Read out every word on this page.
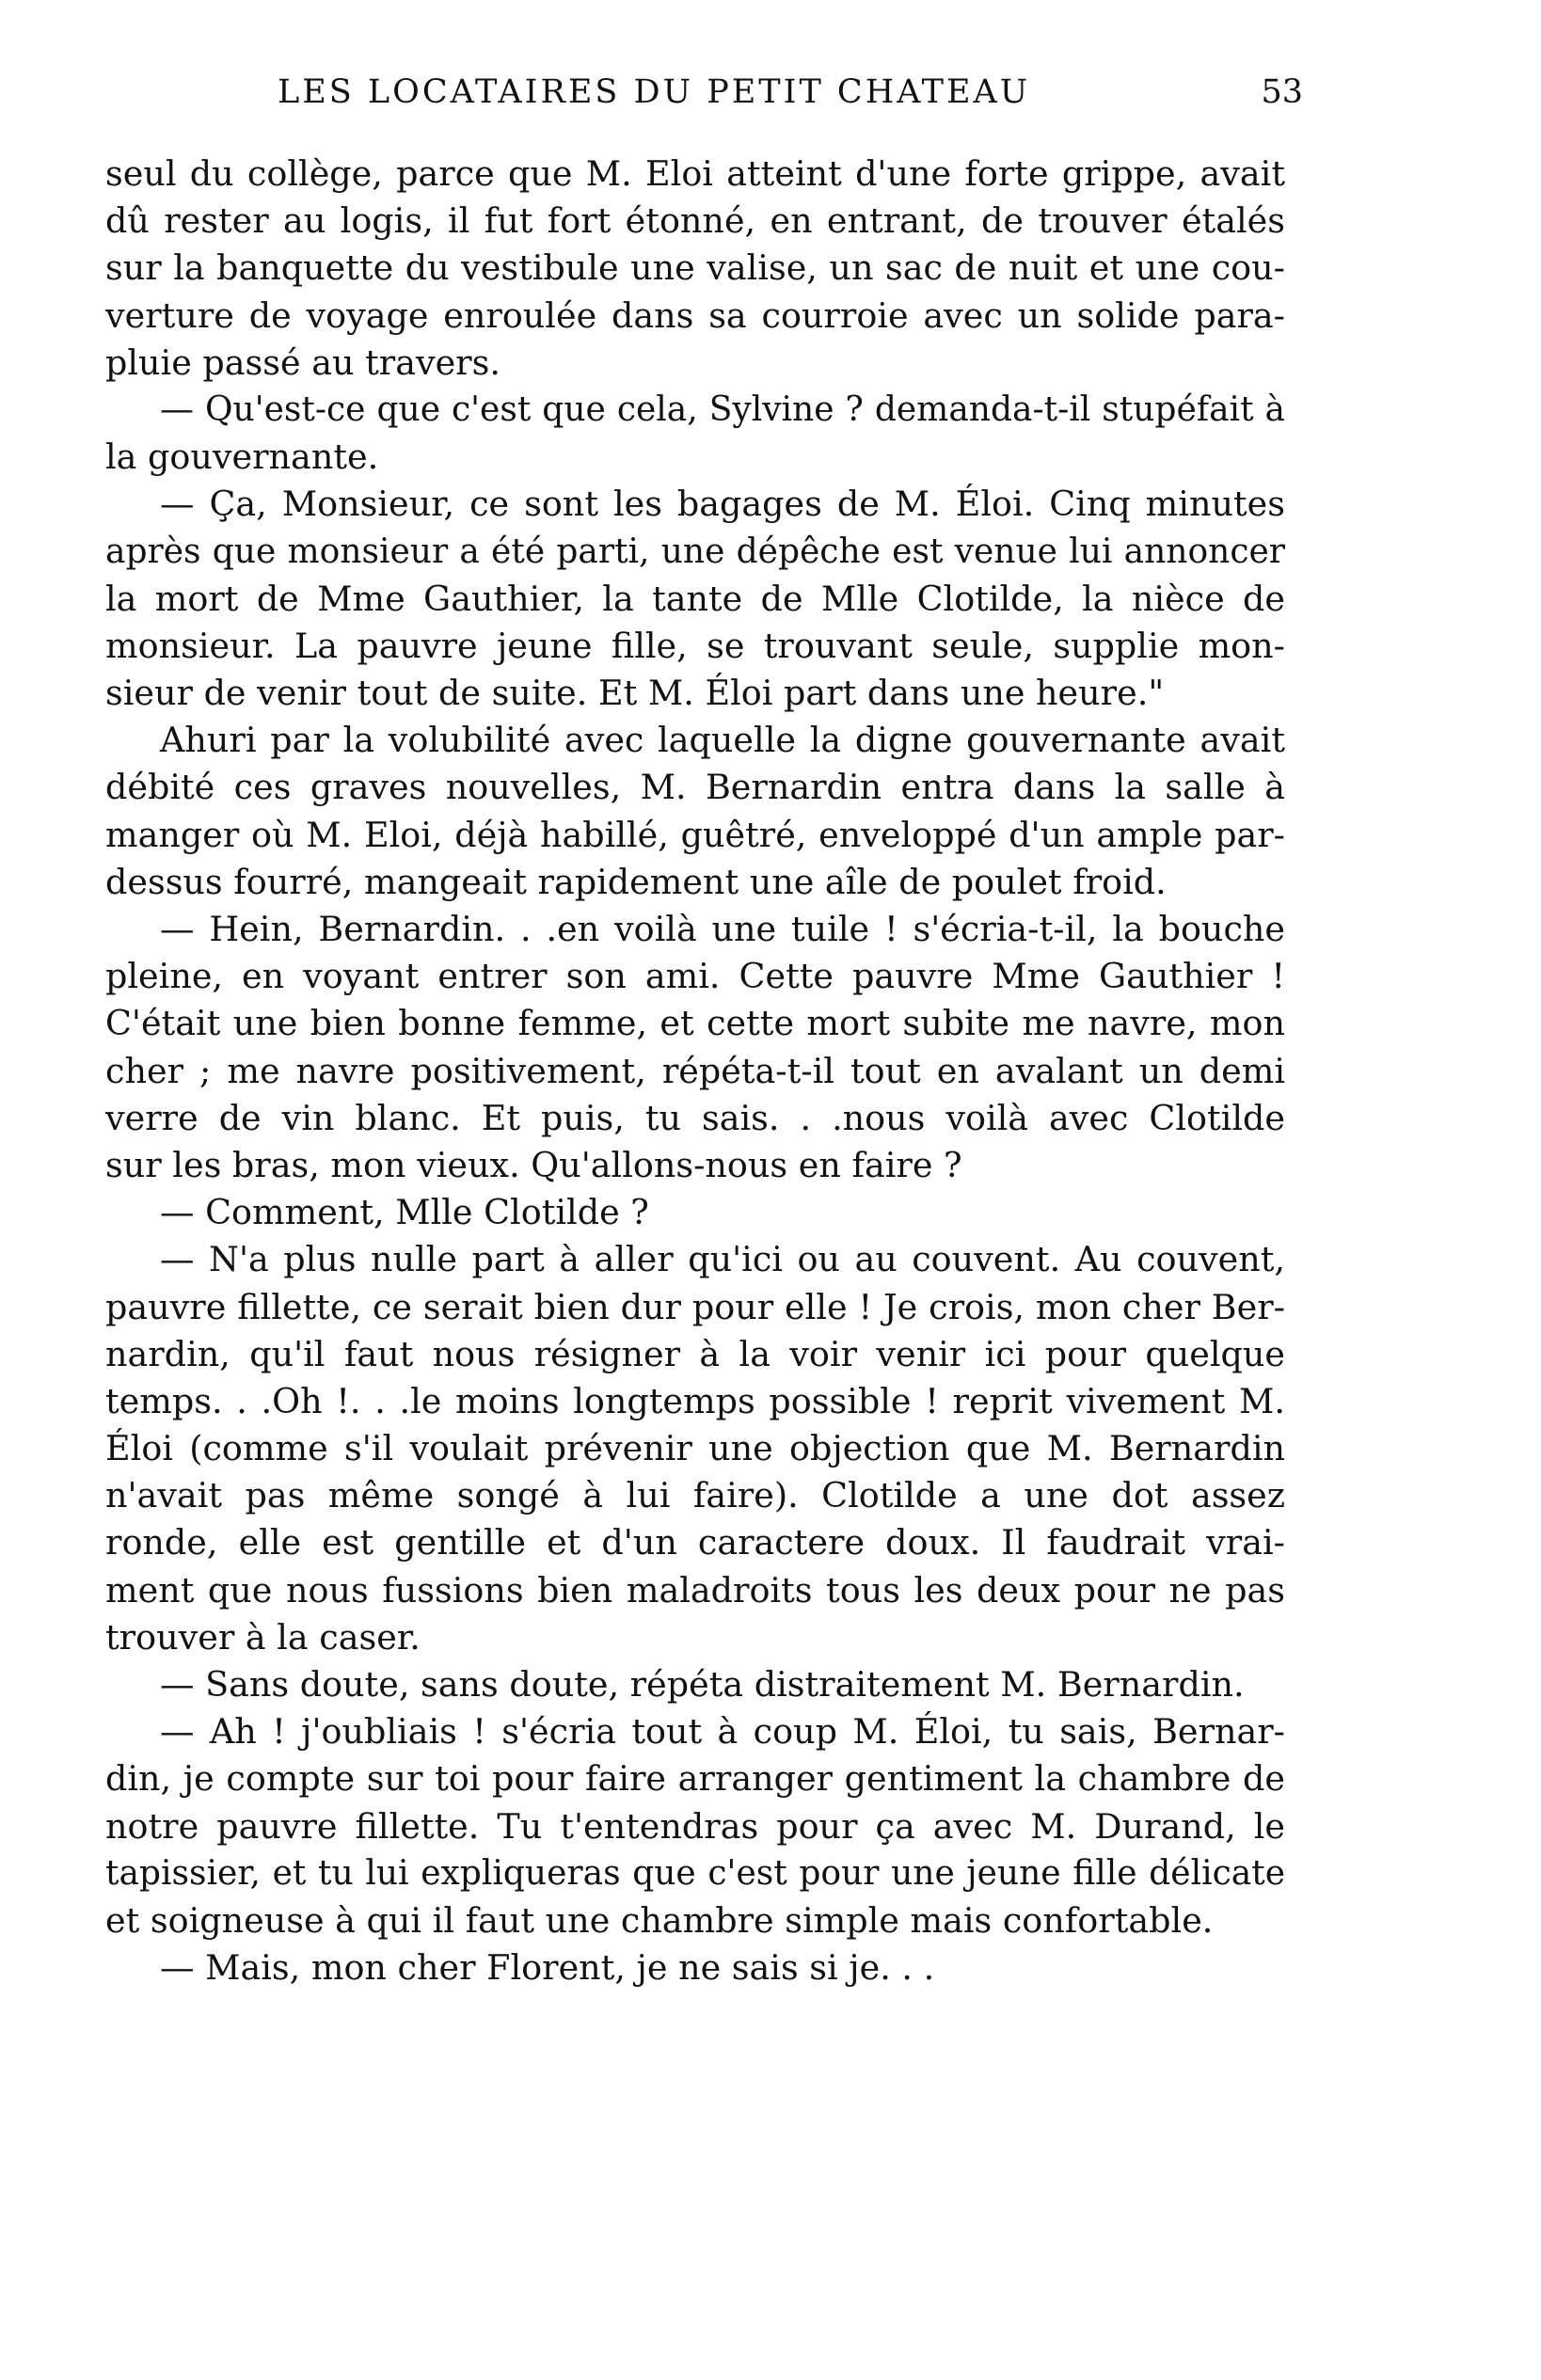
LES LOCATAIRES DU PETIT CHATEAU	53
seul du collège, parce que M. Eloi atteint d'une forte grippe, avait
dû rester au logis, il fut fort étonné, en entrant, de trouver étalés
sur la banquette du vestibule une valise, un sac de nuit et une cou-
verture de voyage enroulée dans sa courroie avec un solide para-
pluie passé au travers.
— Qu'est-ce que c'est que cela, Sylvine ? demanda-t-il stupéfait à
la gouvernante.
— Ça, Monsieur, ce sont les bagages de M. Éloi. Cinq minutes
après que monsieur a été parti, une dépêche est venue lui annoncer
la mort de Mme Gauthier, la tante de Mlle Clotilde, la nièce de
monsieur. La pauvre jeune fille, se trouvant seule, supplie mon-
sieur de venir tout de suite. Et M. Éloi part dans une heure."
Ahuri par la volubilité avec laquelle la digne gouvernante avait
débité ces graves nouvelles, M. Bernardin entra dans la salle à
manger où M. Eloi, déjà habillé, guêtré, enveloppé d'un ample par-
dessus fourré, mangeait rapidement une aîle de poulet froid.
— Hein, Bernardin. . .en voilà une tuile ! s'écria-t-il, la bouche
pleine, en voyant entrer son ami. Cette pauvre Mme Gauthier !
C'était une bien bonne femme, et cette mort subite me navre, mon
cher ; me navre positivement, répéta-t-il tout en avalant un demi
verre de vin blanc. Et puis, tu sais. . .nous voilà avec Clotilde
sur les bras, mon vieux. Qu'allons-nous en faire ?
— Comment, Mlle Clotilde ?
— N'a plus nulle part à aller qu'ici ou au couvent. Au couvent,
pauvre fillette, ce serait bien dur pour elle ! Je crois, mon cher Ber-
nardin, qu'il faut nous résigner à la voir venir ici pour quelque
temps. . .Oh !. . .le moins longtemps possible ! reprit vivement M.
Éloi (comme s'il voulait prévenir une objection que M. Bernardin
n'avait pas même songé à lui faire). Clotilde a une dot assez
ronde, elle est gentille et d'un caractere doux. Il faudrait vrai-
ment que nous fussions bien maladroits tous les deux pour ne pas
trouver à la caser.
— Sans doute, sans doute, répéta distraitement M. Bernardin.
— Ah ! j'oubliais ! s'écria tout à coup M. Éloi, tu sais, Bernar-
din, je compte sur toi pour faire arranger gentiment la chambre de
notre pauvre fillette. Tu t'entendras pour ça avec M. Durand, le
tapissier, et tu lui expliqueras que c'est pour une jeune fille délicate
et soigneuse à qui il faut une chambre simple mais confortable.
— Mais, mon cher Florent, je ne sais si je. . .
